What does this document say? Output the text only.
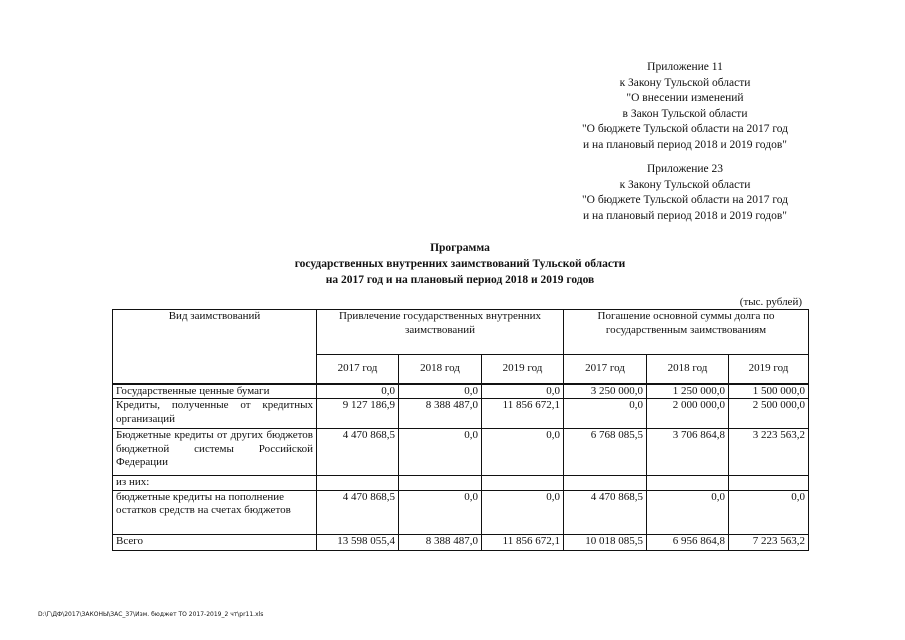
Приложение 11
к Закону Тульской области
"О внесении изменений
в Закон Тульской области
"О бюджете Тульской области на 2017 год
и на плановый период 2018 и 2019 годов"
Приложение 23
к Закону Тульской области
"О бюджете Тульской области на 2017 год
и на плановый период 2018 и 2019 годов"
Программа
государственных внутренних заимствований Тульской области
на 2017 год и на плановый период 2018 и 2019 годов
(тыс. рублей)
Вид заимствований	Привлечение государственных внутренних заимствований			Погашение основной суммы долга по государственным заимствованиям		
	2017 год	2018 год	2019 год	2017 год	2018 год	2019 год
Государственные ценные бумаги	0,0	0,0	0,0	3 250 000,0	1 250 000,0	1 500 000,0
Кредиты, полученные от кредитных организаций	9 127 186,9	8 388 487,0	11 856 672,1	0,0	2 000 000,0	2 500 000,0
Бюджетные кредиты от других бюджетов бюджетной системы Российской Федерации	4 470 868,5	0,0	0,0	6 768 085,5	3 706 864,8	3 223 563,2
из них:						
бюджетные кредиты на пополнение остатков средств на счетах бюджетов	4 470 868,5	0,0	0,0	4 470 868,5	0,0	0,0
Всего	13 598 055,4	8 388 487,0	11 856 672,1	10 018 085,5	6 956 864,8	7 223 563,2
D:\Г\ДФ\2017\ЗАКОНЫ\ЗАС_37\Изм. бюджет ТО 2017-2019_2 чт\pr11.xls
